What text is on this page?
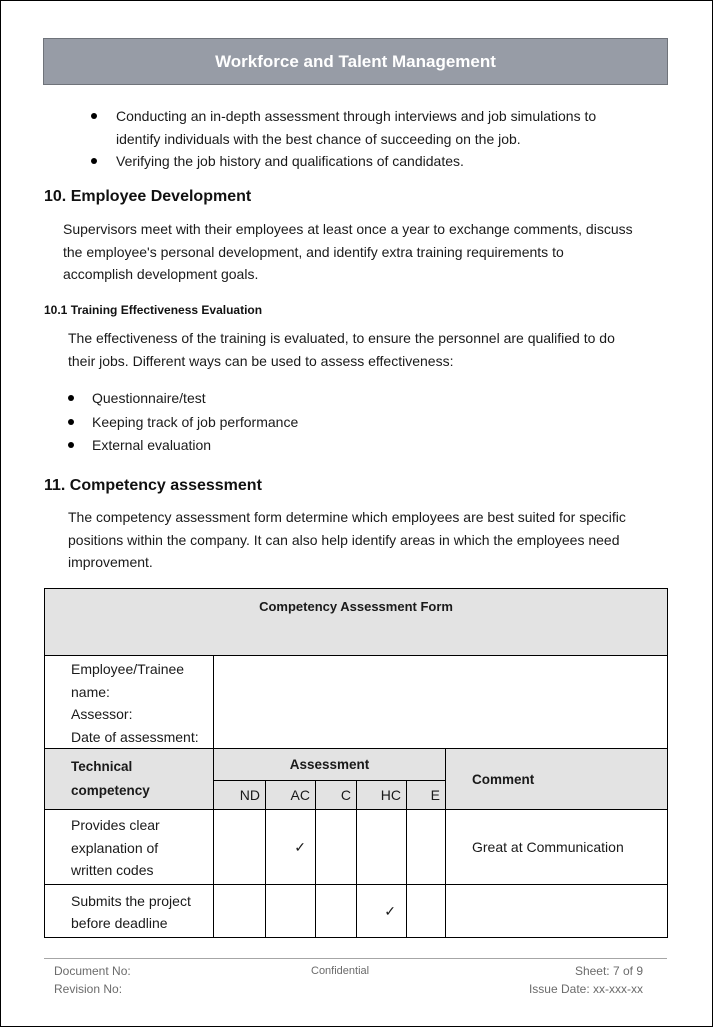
Workforce and Talent Management
Conducting an in-depth assessment through interviews and job simulations to
identify individuals with the best chance of succeeding on the job.
Verifying the job history and qualifications of candidates.
10. Employee Development
Supervisors meet with their employees at least once a year to exchange comments, discuss
the employee's personal development, and identify extra training requirements to
accomplish development goals.
10.1 Training Effectiveness Evaluation
The effectiveness of the training is evaluated, to ensure the personnel are qualified to do
their jobs. Different ways can be used to assess effectiveness:
Questionnaire/test
Keeping track of job performance
External evaluation
11. Competency assessment
The competency assessment form determine which employees are best suited for specific
positions within the company. It can also help identify areas in which the employees need
improvement.
Competency Assessment Form						

Employee/Trainee
name:
Assessor:
Date of assessment:						

Technical
competency	Assessment					Comment
	ND	AC	C	HC	E	

Provides clear
explanation of
written codes		✓				Great at Communication

Submits the project
before deadline				✓		
Document No:
Revision No:
Confidential	Sheet: 7 of 9
Issue Date: xx-xxx-xx
